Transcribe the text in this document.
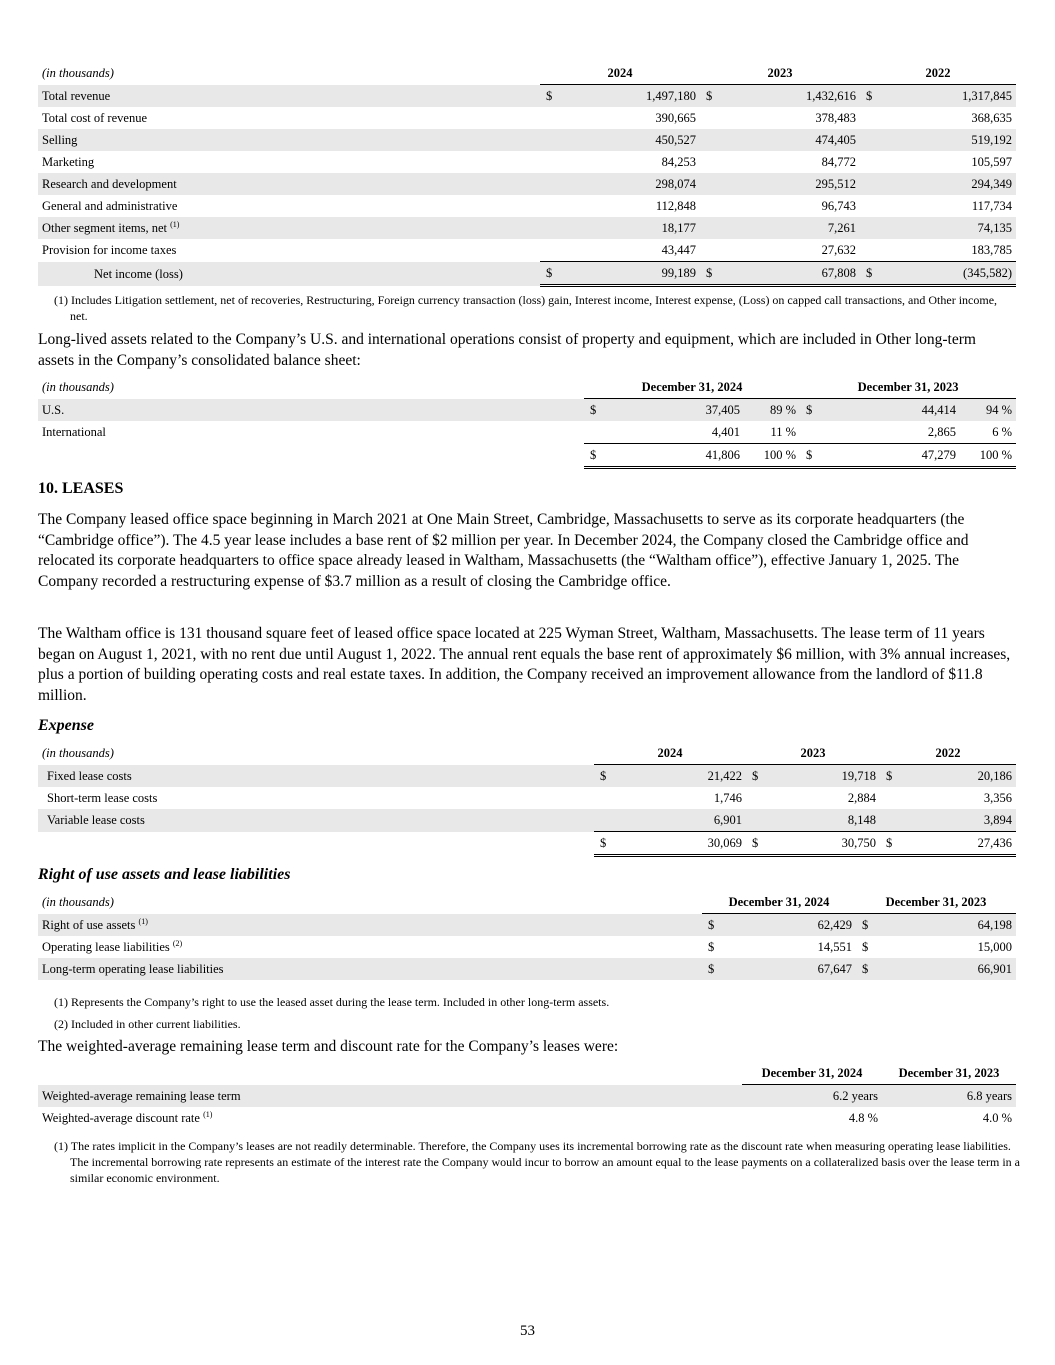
(in thousands)	2024		2023		2022	
Total revenue	$	1,497,180	$	1,432,616	$	1,317,845
Total cost of revenue		390,665		378,483		368,635
Selling		450,527		474,405		519,192
Marketing		84,253		84,772		105,597
Research and development		298,074		295,512		294,349
General and administrative		112,848		96,743		117,734
Other segment items, net $^{(1)}$		18,177		7,261		74,135
Provision for income taxes		43,447		27,632		183,785
Net income (loss)	$	99,189	$	67,808	$	(345,582)
(1) Includes Litigation settlement, net of recoveries, Restructuring, Foreign currency transaction (loss) gain, Interest income, Interest expense, (Loss) on capped call transactions, and Other income, net.
Long-lived assets related to the Company’s U.S. and international operations consist of property and equipment, which are included in Other long-term assets in the Company’s consolidated balance sheet:
(in thousands)	December 31, 2024			December 31, 2023		
U.S.	$	37,405	89 %	$	44,414	94 %
International		4,401	11 %		2,865	6 %
	$	41,806	100 %	$	47,279	100 %
10. LEASES
The Company leased office space beginning in March 2021 at One Main Street, Cambridge, Massachusetts to serve as its corporate headquarters (the “Cambridge office”). The 4.5 year lease includes a base rent of $2 million per year. In December 2024, the Company closed the Cambridge office and relocated its corporate headquarters to office space already leased in Waltham, Massachusetts (the “Waltham office”), effective January 1, 2025. The Company recorded a restructuring expense of $3.7 million as a result of closing the Cambridge office.
The Waltham office is 131 thousand square feet of leased office space located at 225 Wyman Street, Waltham, Massachusetts. The lease term of 11 years began on August 1, 2021, with no rent due until August 1, 2022. The annual rent equals the base rent of approximately $6 million, with 3% annual increases, plus a portion of building operating costs and real estate taxes. In addition, the Company received an improvement allowance from the landlord of $11.8 million.
Expense
(in thousands)	2024		2023		2022	
Fixed lease costs	$	21,422	$	19,718	$	20,186
Short-term lease costs		1,746		2,884		3,356
Variable lease costs		6,901		8,148		3,894
	$	30,069	$	30,750	$	27,436
Right of use assets and lease liabilities
(in thousands)	December 31, 2024		December 31, 2023	
Right of use assets $^{(1)}$	$	62,429	$	64,198
Operating lease liabilities $^{(2)}$	$	14,551	$	15,000
Long-term operating lease liabilities	$	67,647	$	66,901
(1) Represents the Company’s right to use the leased asset during the lease term. Included in other long-term assets.
(2) Included in other current liabilities.
The weighted-average remaining lease term and discount rate for the Company’s leases were:
	December 31, 2024	December 31, 2023
Weighted-average remaining lease term	6.2 years	6.8 years
Weighted-average discount rate $^{(1)}$	4.8 %	4.0 %
(1) The rates implicit in the Company’s leases are not readily determinable. Therefore, the Company uses its incremental borrowing rate as the discount rate when measuring operating lease liabilities. The incremental borrowing rate represents an estimate of the interest rate the Company would incur to borrow an amount equal to the lease payments on a collateralized basis over the lease term in a similar economic environment.
53
